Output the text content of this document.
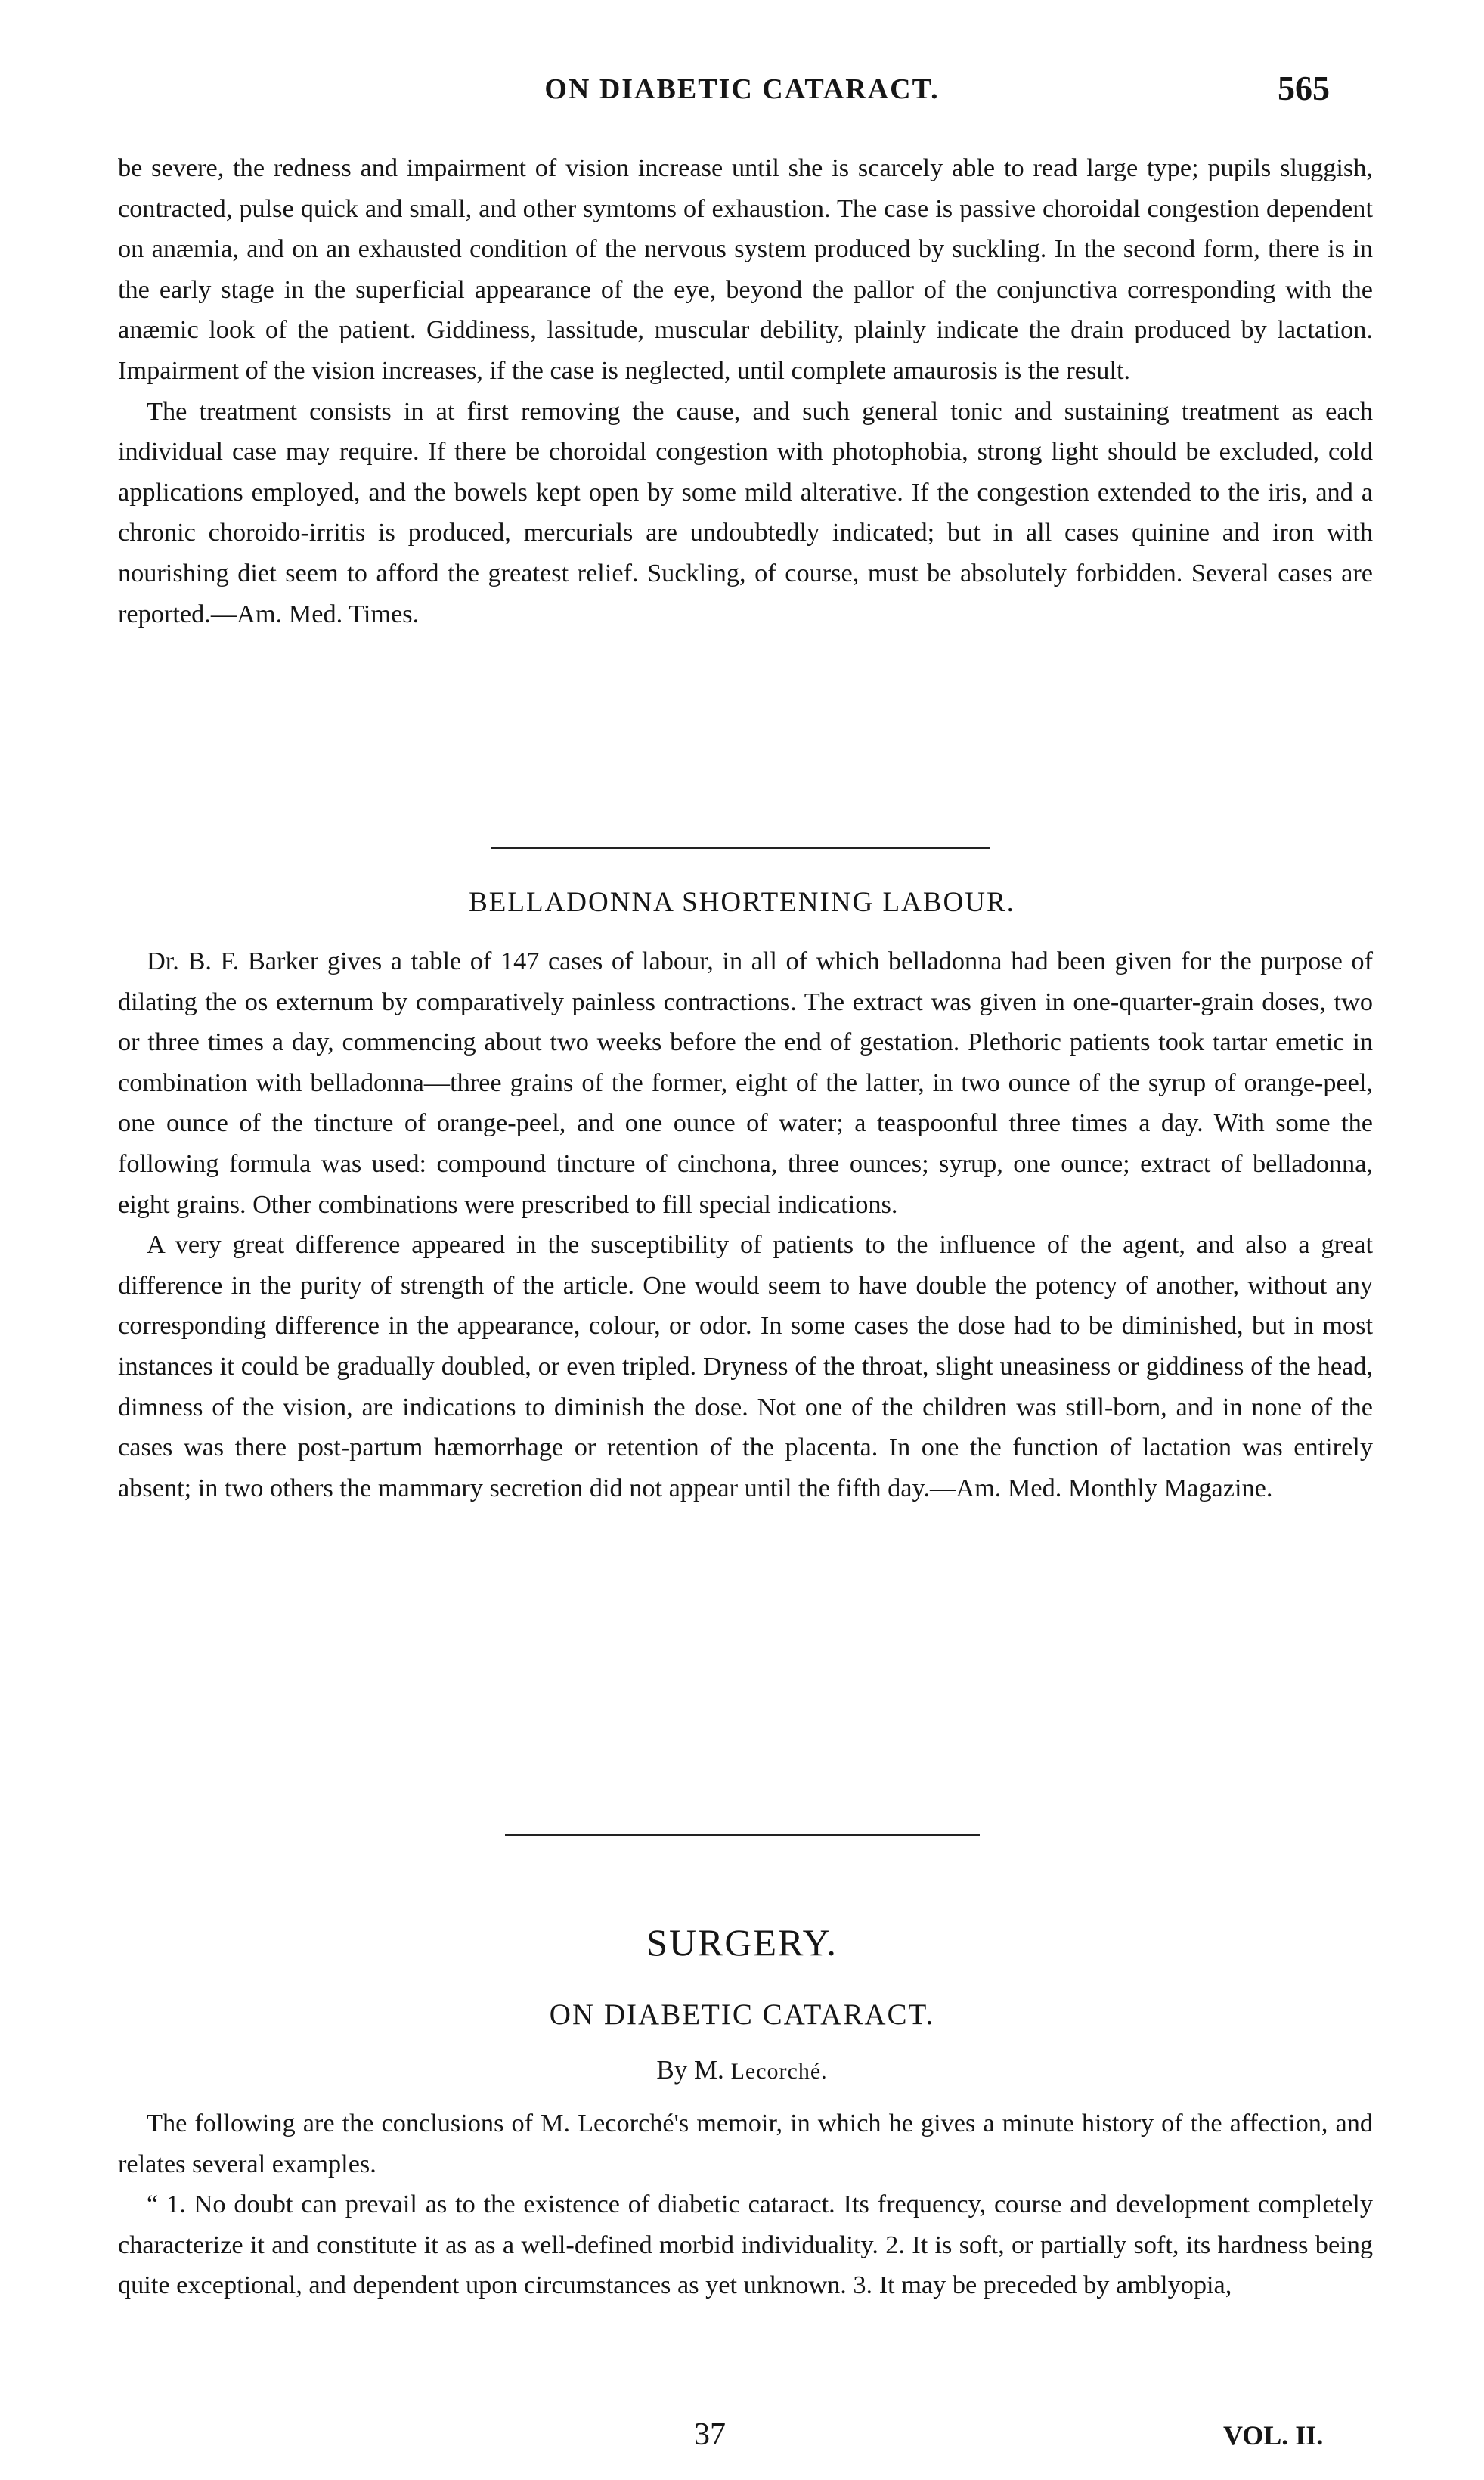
ON DIABETIC CATARACT.	565

be severe, the redness and impairment of vision increase until she is scarcely able to read large type; pupils sluggish, contracted, pulse quick and small, and other symtoms of exhaustion. The case is passive choroidal congestion dependent on anæmia, and on an exhausted condition of the nervous system produced by suckling. In the second form, there is in the early stage in the superficial appearance of the eye, beyond the pallor of the conjunctiva corresponding with the anæmic look of the patient. Giddiness, lassitude, muscular debility, plainly indicate the drain produced by lactation. Impairment of the vision increases, if the case is neglected, until complete amaurosis is the result.

The treatment consists in at first removing the cause, and such general tonic and sustaining treatment as each individual case may require. If there be choroidal congestion with photophobia, strong light should be excluded, cold applications employed, and the bowels kept open by some mild alterative. If the congestion extended to the iris, and a chronic choroido-irritis is produced, mercurials are undoubtedly indicated; but in all cases quinine and iron with nourishing diet seem to afford the greatest relief. Suckling, of course, must be absolutely forbidden. Several cases are reported.—Am. Med. Times.

BELLADONNA SHORTENING LABOUR.

Dr. B. F. Barker gives a table of 147 cases of labour, in all of which belladonna had been given for the purpose of dilating the os externum by comparatively painless contractions. The extract was given in one-quarter-grain doses, two or three times a day, commencing about two weeks before the end of gestation. Plethoric patients took tartar emetic in combination with belladonna—three grains of the former, eight of the latter, in two ounce of the syrup of orange-peel, one ounce of the tincture of orange-peel, and one ounce of water; a teaspoonful three times a day. With some the following formula was used: compound tincture of cinchona, three ounces; syrup, one ounce; extract of belladonna, eight grains. Other combinations were prescribed to fill special indications.

A very great difference appeared in the susceptibility of patients to the influence of the agent, and also a great difference in the purity of strength of the article. One would seem to have double the potency of another, without any corresponding difference in the appearance, colour, or odor. In some cases the dose had to be diminished, but in most instances it could be gradually doubled, or even tripled. Dryness of the throat, slight uneasiness or giddiness of the head, dimness of the vision, are indications to diminish the dose. Not one of the children was still-born, and in none of the cases was there post-partum hæmorrhage or retention of the placenta. In one the function of lactation was entirely absent; in two others the mammary secretion did not appear until the fifth day.—Am. Med. Monthly Magazine.

SURGERY.
ON DIABETIC CATARACT.
By M. Lecorché.

The following are the conclusions of M. Lecorché's memoir, in which he gives a minute history of the affection, and relates several examples.

“ 1. No doubt can prevail as to the existence of diabetic cataract. Its frequency, course and development completely characterize it and constitute it as as a well-defined morbid individuality. 2. It is soft, or partially soft, its hardness being quite exceptional, and dependent upon circumstances as yet unknown. 3. It may be preceded by amblyopia,

37	VOL. II.
